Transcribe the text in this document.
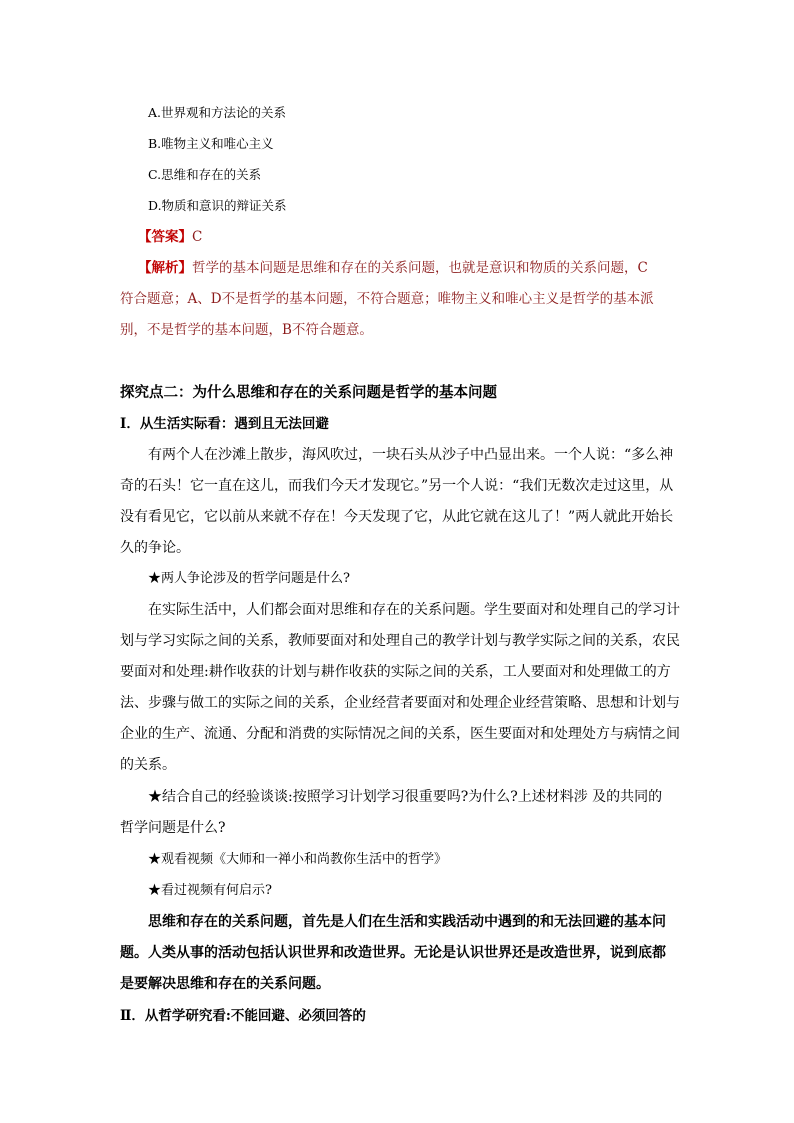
A.世界观和方法论的关系
B.唯物主义和唯心主义
C.思维和存在的关系
D.物质和意识的辩证关系
【答案】C
【解析】哲学的基本问题是思维和存在的关系问题，也就是意识和物质的关系问题，C
符合题意；A、D不是哲学的基本问题，不符合题意；唯物主义和唯心主义是哲学的基本派
别，不是哲学的基本问题，B不符合题意。
探究点二：为什么思维和存在的关系问题是哲学的基本问题
Ⅰ．从生活实际看：遇到且无法回避
有两个人在沙滩上散步，海风吹过，一块石头从沙子中凸显出来。一个人说：“多么神
奇的石头！它一直在这儿，而我们今天才发现它。”另一个人说：“我们无数次走过这里，从
没有看见它，它以前从来就不存在！今天发现了它，从此它就在这儿了！”两人就此开始长
久的争论。
★两人争论涉及的哲学问题是什么?
在实际生活中，人们都会面对思维和存在的关系问题。学生要面对和处理自己的学习计
划与学习实际之间的关系，教师要面对和处理自己的教学计划与教学实际之间的关系，农民
要面对和处理:耕作收获的计划与耕作收获的实际之间的关系，工人要面对和处理做工的方
法、步骤与做工的实际之间的关系，企业经营者要面对和处理企业经营策略、思想和计划与
企业的生产、流通、分配和消费的实际情况之间的关系，医生要面对和处理处方与病情之间
的关系。
★结合自己的经验谈谈:按照学习计划学习很重要吗?为什么?上述材料涉 及的共同的
哲学问题是什么?
★观看视频《大师和一禅小和尚教你生活中的哲学》
★看过视频有何启示?
思维和存在的关系问题，首先是人们在生活和实践活动中遇到的和无法回避的基本问
题。人类从事的活动包括认识世界和改造世界。无论是认识世界还是改造世界，说到底都
是要解决思维和存在的关系问题。
Ⅱ．从哲学研究看:不能回避、必须回答的
